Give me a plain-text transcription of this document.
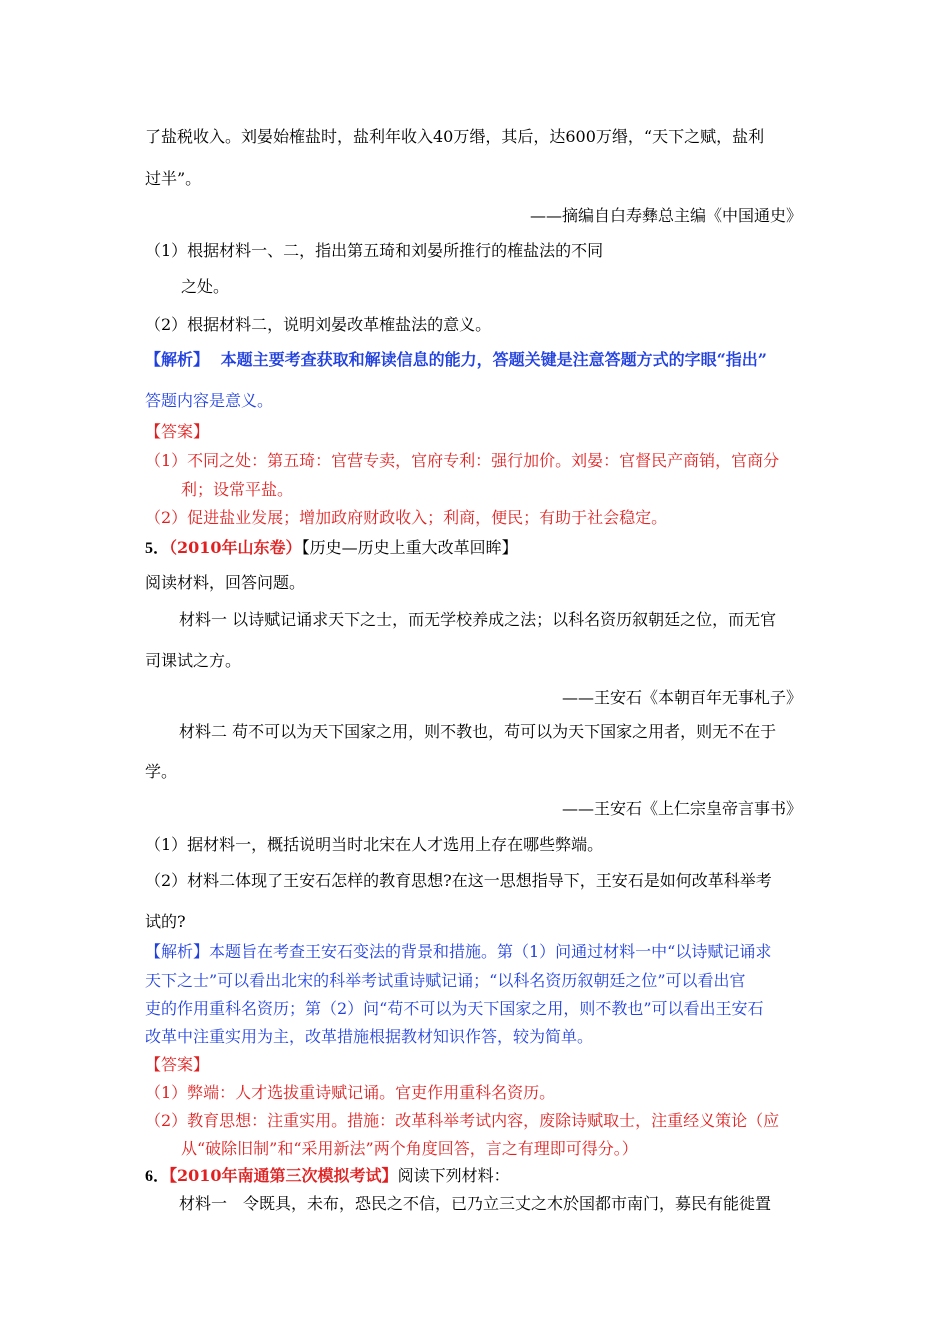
了盐税收入。刘晏始榷盐时，盐利年收入40万缗，其后，达600万缗，“天下之赋，盐利
过半”。
——摘编自白寿彝总主编《中国通史》
（1）根据材料一、二，指出第五琦和刘晏所推行的榷盐法的不同
之处。
（2）根据材料二，说明刘晏改革榷盐法的意义。
【解析】 本题主要考查获取和解读信息的能力，答题关键是注意答题方式的字眼“指出”
答题内容是意义。
【答案】
（1）不同之处：第五琦：官营专卖，官府专利：强行加价。刘晏：官督民产商销，官商分
利；设常平盐。
（2）促进盐业发展；增加政府财政收入；利商，便民；有助于社会稳定。
5．（2010年山东卷）【历史—历史上重大改革回眸】
阅读材料，回答问题。
材料一 以诗赋记诵求天下之士，而无学校养成之法；以科名资历叙朝廷之位，而无官
司课试之方。
——王安石《本朝百年无事札子》
材料二 苟不可以为天下国家之用，则不教也，苟可以为天下国家之用者，则无不在于
学。
——王安石《上仁宗皇帝言事书》
（1）据材料一，概括说明当时北宋在人才选用上存在哪些弊端。
（2）材料二体现了王安石怎样的教育思想?在这一思想指导下，王安石是如何改革科举考
试的?
【解析】本题旨在考查王安石变法的背景和措施。第（1）问通过材料一中“以诗赋记诵求
天下之士”可以看出北宋的科举考试重诗赋记诵；“以科名资历叙朝廷之位”可以看出官
吏的作用重科名资历；第（2）问“苟不可以为天下国家之用，则不教也”可以看出王安石
改革中注重实用为主，改革措施根据教材知识作答，较为简单。
【答案】
（1）弊端：人才选拔重诗赋记诵。官吏作用重科名资历。
（2）教育思想：注重实用。措施：改革科举考试内容，废除诗赋取士，注重经义策论（应
从“破除旧制”和“采用新法”两个角度回答，言之有理即可得分。）
6．【2010年南通第三次模拟考试】阅读下列材料：
材料一　令既具，未布，恐民之不信，已乃立三丈之木於国都市南门，募民有能徙置
